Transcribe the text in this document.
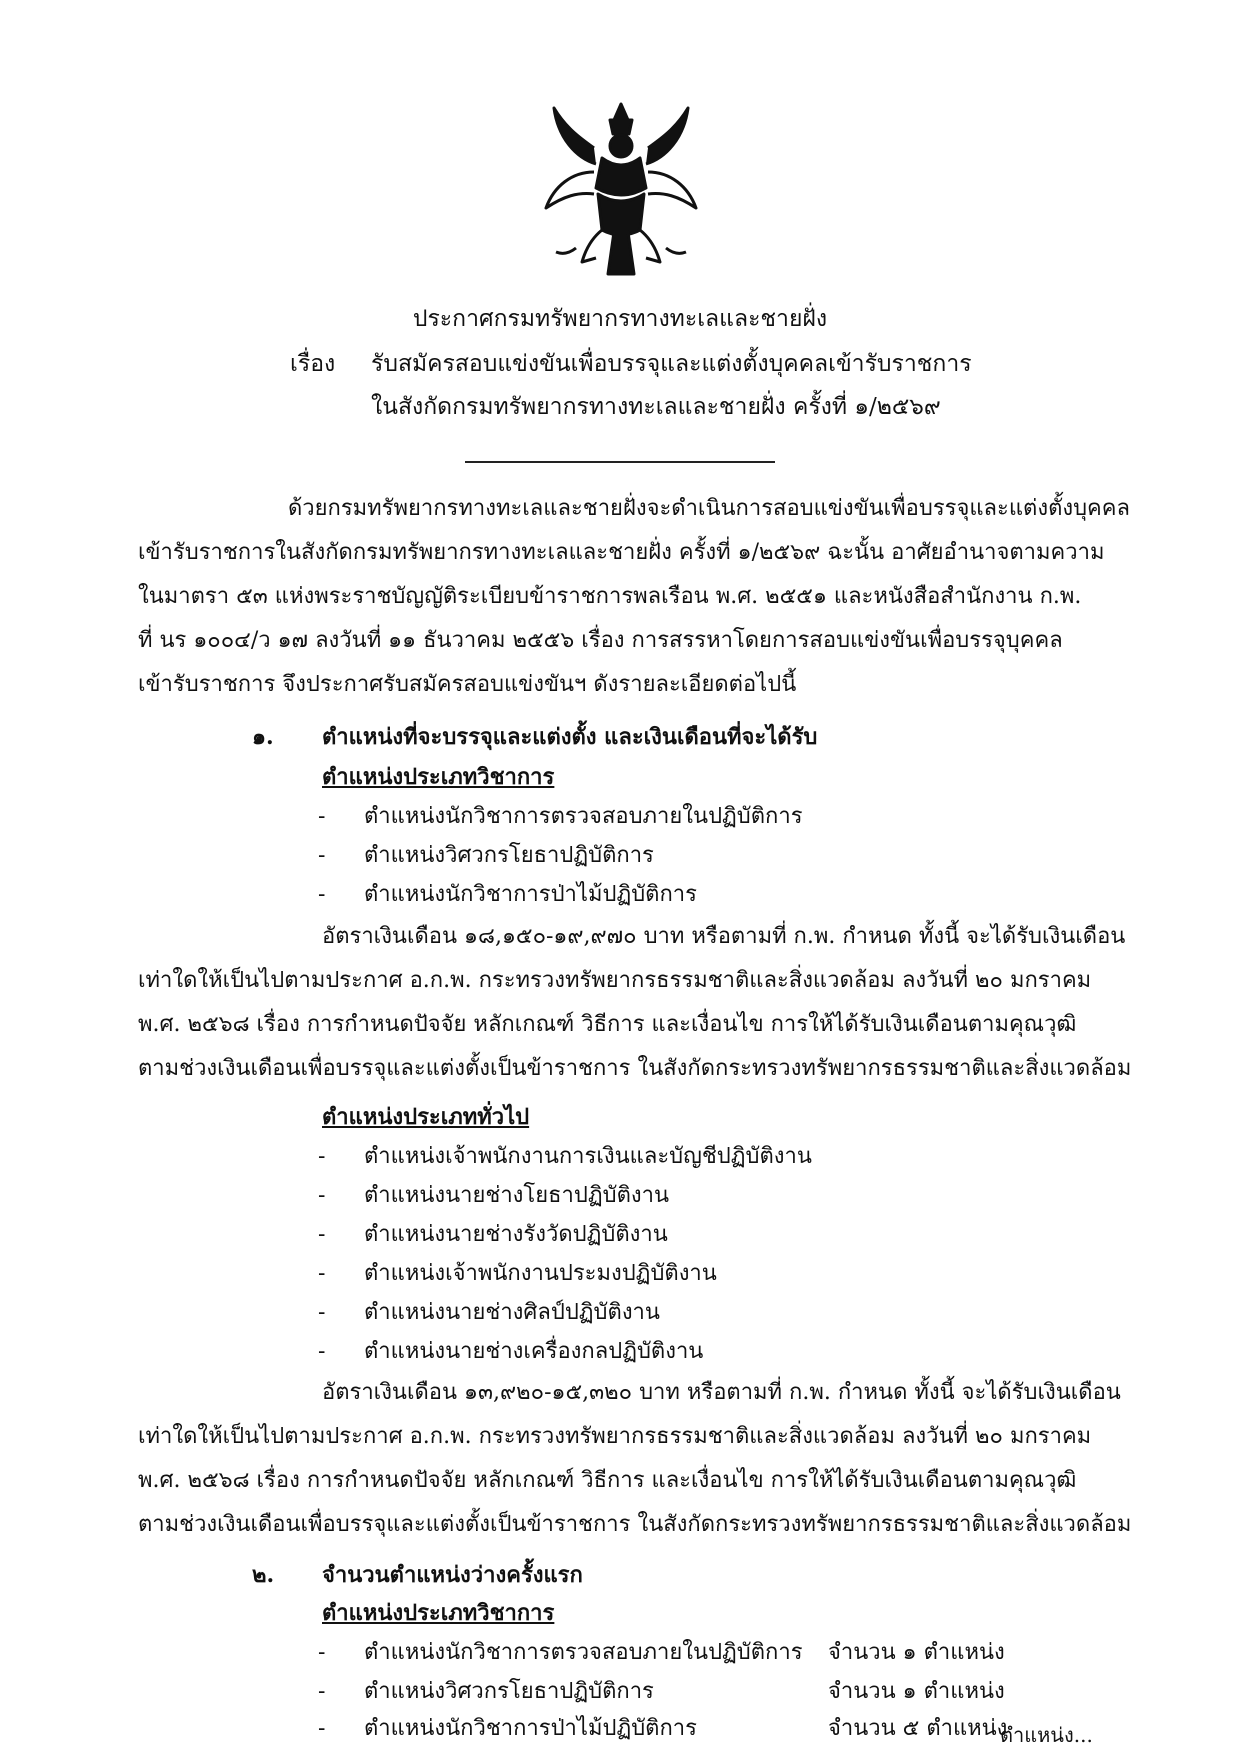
ประกาศกรมทรัพยากรทางทะเลและชายฝั่ง
เรื่อง รับสมัครสอบแข่งขันเพื่อบรรจุและแต่งตั้งบุคคลเข้ารับราชการ
ในสังกัดกรมทรัพยากรทางทะเลและชายฝั่ง ครั้งที่ ๑/๒๕๖๙
ด้วยกรมทรัพยากรทางทะเลและชายฝั่งจะดำเนินการสอบแข่งขันเพื่อบรรจุและแต่งตั้งบุคคล
เข้ารับราชการในสังกัดกรมทรัพยากรทางทะเลและชายฝั่ง ครั้งที่ ๑/๒๕๖๙ ฉะนั้น อาศัยอำนาจตามความ
ในมาตรา ๕๓ แห่งพระราชบัญญัติระเบียบข้าราชการพลเรือน พ.ศ. ๒๕๕๑ และหนังสือสำนักงาน ก.พ.
ที่ นร ๑๐๐๔/ว ๑๗ ลงวันที่ ๑๑ ธันวาคม ๒๕๕๖ เรื่อง การสรรหาโดยการสอบแข่งขันเพื่อบรรจุบุคคล
เข้ารับราชการ จึงประกาศรับสมัครสอบแข่งขันฯ ดังรายละเอียดต่อไปนี้
๑. ตำแหน่งที่จะบรรจุและแต่งตั้ง และเงินเดือนที่จะได้รับ
ตำแหน่งประเภทวิชาการ
- ตำแหน่งนักวิชาการตรวจสอบภายในปฏิบัติการ
- ตำแหน่งวิศวกรโยธาปฏิบัติการ
- ตำแหน่งนักวิชาการป่าไม้ปฏิบัติการ
อัตราเงินเดือน ๑๘,๑๕๐-๑๙,๙๗๐ บาท หรือตามที่ ก.พ. กำหนด ทั้งนี้ จะได้รับเงินเดือน
เท่าใดให้เป็นไปตามประกาศ อ.ก.พ. กระทรวงทรัพยากรธรรมชาติและสิ่งแวดล้อม ลงวันที่ ๒๐ มกราคม
พ.ศ. ๒๕๖๘ เรื่อง การกำหนดปัจจัย หลักเกณฑ์ วิธีการ และเงื่อนไข การให้ได้รับเงินเดือนตามคุณวุฒิ
ตามช่วงเงินเดือนเพื่อบรรจุและแต่งตั้งเป็นข้าราชการ ในสังกัดกระทรวงทรัพยากรธรรมชาติและสิ่งแวดล้อม
ตำแหน่งประเภททั่วไป
- ตำแหน่งเจ้าพนักงานการเงินและบัญชีปฏิบัติงาน
- ตำแหน่งนายช่างโยธาปฏิบัติงาน
- ตำแหน่งนายช่างรังวัดปฏิบัติงาน
- ตำแหน่งเจ้าพนักงานประมงปฏิบัติงาน
- ตำแหน่งนายช่างศิลป์ปฏิบัติงาน
- ตำแหน่งนายช่างเครื่องกลปฏิบัติงาน
อัตราเงินเดือน ๑๓,๙๒๐-๑๕,๓๒๐ บาท หรือตามที่ ก.พ. กำหนด ทั้งนี้ จะได้รับเงินเดือน
เท่าใดให้เป็นไปตามประกาศ อ.ก.พ. กระทรวงทรัพยากรธรรมชาติและสิ่งแวดล้อม ลงวันที่ ๒๐ มกราคม
พ.ศ. ๒๕๖๘ เรื่อง การกำหนดปัจจัย หลักเกณฑ์ วิธีการ และเงื่อนไข การให้ได้รับเงินเดือนตามคุณวุฒิ
ตามช่วงเงินเดือนเพื่อบรรจุและแต่งตั้งเป็นข้าราชการ ในสังกัดกระทรวงทรัพยากรธรรมชาติและสิ่งแวดล้อม
๒. จำนวนตำแหน่งว่างครั้งแรก
ตำแหน่งประเภทวิชาการ
- ตำแหน่งนักวิชาการตรวจสอบภายในปฏิบัติการ จำนวน ๑ ตำแหน่ง
- ตำแหน่งวิศวกรโยธาปฏิบัติการ	จำนวน ๑ ตำแหน่ง
- ตำแหน่งนักวิชาการป่าไม้ปฏิบัติการ	จำนวน ๕ ตำแหน่ง
ตำแหน่ง...
